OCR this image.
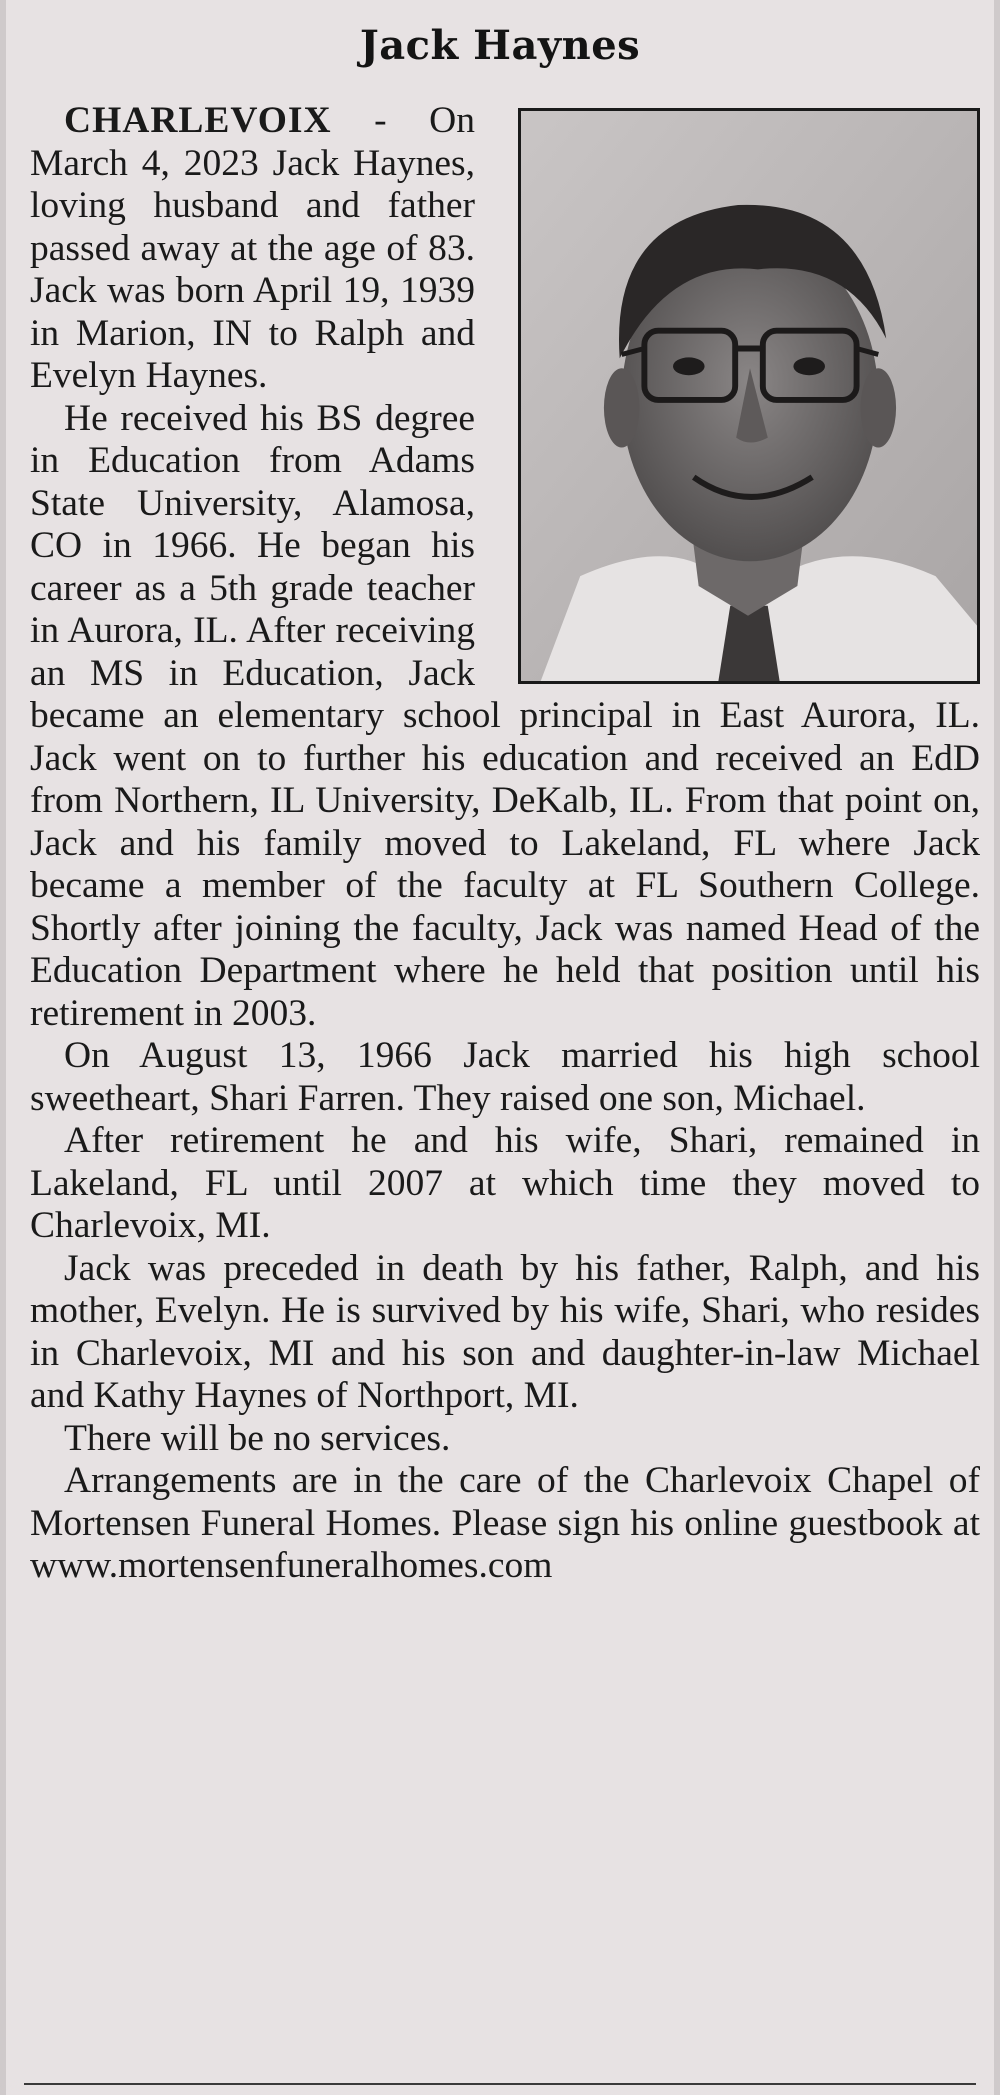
Jack Haynes

CHARLEVOIX - On March 4, 2023 Jack Haynes, loving husband and father passed away at the age of 83. Jack was born April 19, 1939 in Marion, IN to Ralph and Evelyn Haynes.

He received his BS degree in Education from Adams State University, Alamosa, CO in 1966. He began his career as a 5th grade teacher in Aurora, IL. After receiving an MS in Education, Jack became an elementary school principal in East Aurora, IL. Jack went on to further his education and received an EdD from Northern, IL University, DeKalb, IL. From that point on, Jack and his family moved to Lakeland, FL where Jack became a member of the faculty at FL Southern College. Shortly after joining the faculty, Jack was named Head of the Education Department where he held that position until his retirement in 2003.

On August 13, 1966 Jack married his high school sweetheart, Shari Farren. They raised one son, Michael.

After retirement he and his wife, Shari, remained in Lakeland, FL until 2007 at which time they moved to Charlevoix, MI.

Jack was preceded in death by his father, Ralph, and his mother, Evelyn. He is survived by his wife, Shari, who resides in Charlevoix, MI and his son and daughter-in-law Michael and Kathy Haynes of Northport, MI.

There will be no services.

Arrangements are in the care of the Charlevoix Chapel of Mortensen Funeral Homes. Please sign his online guestbook at www.mortensenfuneralhomes.com
